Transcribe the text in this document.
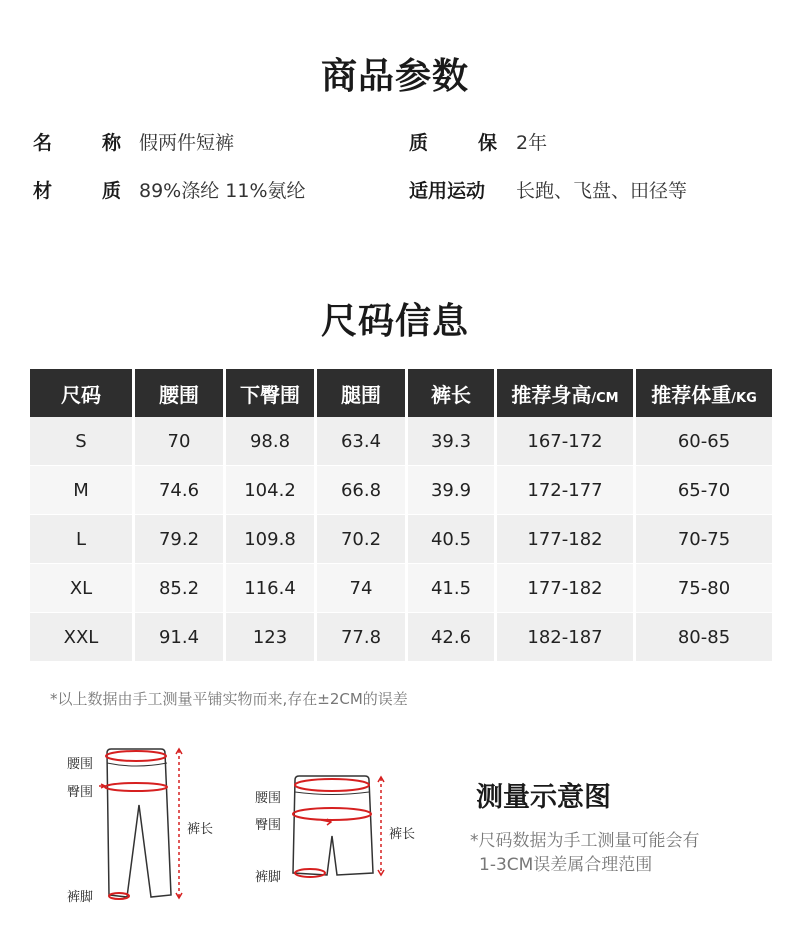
商品参数
名	称 假两件短裤	质	保 2年
材	质 89%涤纶 11%氨纶	适用运动 长跑、飞盘、田径等
尺码信息
尺码	腰围	下臀围	腿围	裤长	推荐身高/CM	推荐体重/KG
S	70	98.8	63.4	39.3	167-172	60-65
M	74.6	104.2	66.8	39.9	172-177	65-70
L	79.2	109.8	70.2	40.5	177-182	70-75
XL	85.2	116.4	74	41.5	177-182	75-80
XXL	91.4	123	77.8	42.6	182-187	80-85
*以上数据由手工测量平铺实物而来,存在±2CM的误差
腰围
臀围
裤长
裤脚
腰围
臀围
裤长
裤脚
测量示意图
*尺码数据为手工测量可能会有
1-3CM误差属合理范围
